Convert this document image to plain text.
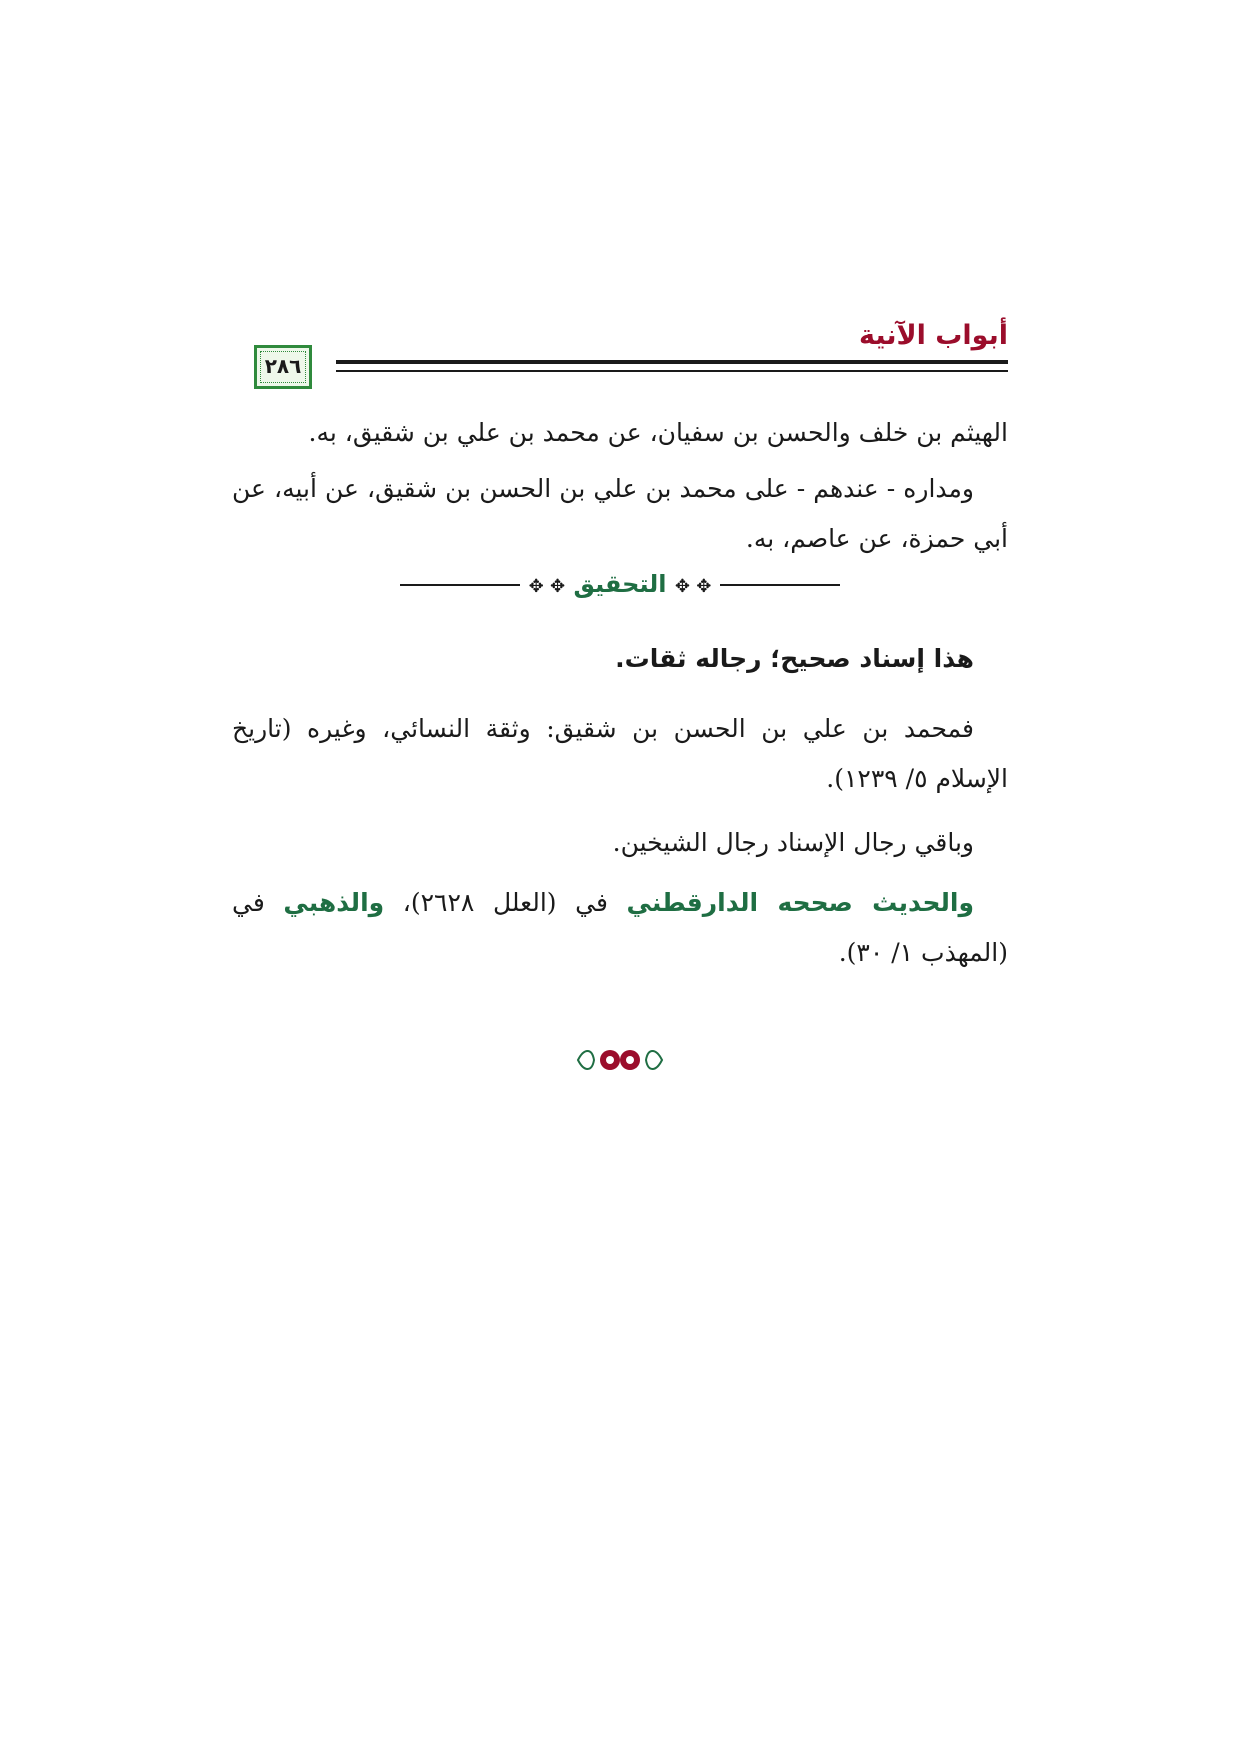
أبواب الآنية
٢٨٦

الهيثم بن خلف والحسن بن سفيان، عن محمد بن علي بن شقيق، به.

ومداره - عندهم - على محمد بن علي بن الحسن بن شقيق، عن أبيه، عن أبي حمزة، عن عاصم، به.

✥ ✥ التحقيق ✥ ✥

هذا إسناد صحيح؛ رجاله ثقات.

فمحمد بن علي بن الحسن بن شقيق: وثقة النسائي، وغيره (تاريخ الإسلام ٥/ ١٢٣٩).

وباقي رجال الإسناد رجال الشيخين.

والحديث صححه الدارقطني في (العلل ٢٦٢٨)، والذهبي في (المهذب ١/ ٣٠).
